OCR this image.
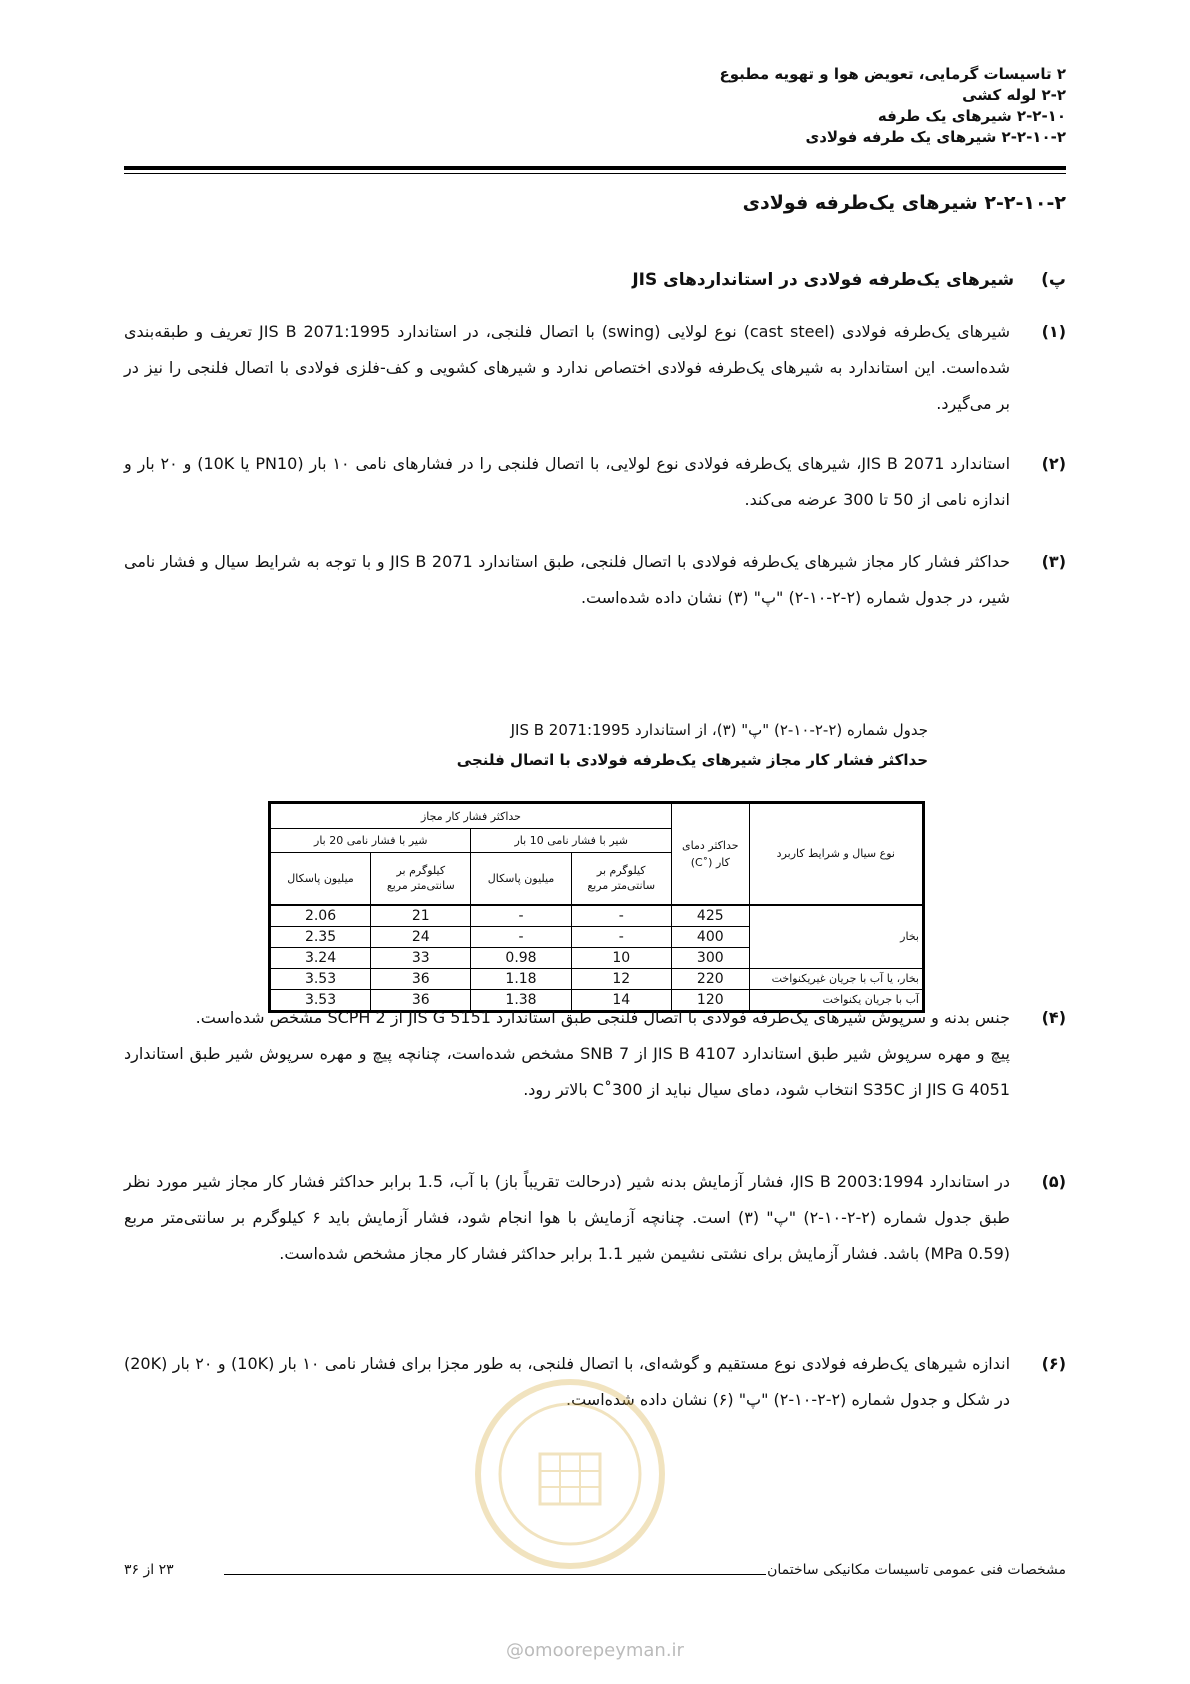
۲ تاسیسات گرمایی، تعویض هوا و تهویه مطبوع
۲-۲ لوله کشی
۲-۲-۱۰ شیرهای یک طرفه
۲-۲-۱۰-۲ شیرهای یک طرفه فولادی
۲-۲-۱۰-۲ شیرهای یک‌طرفه فولادی
پ) شیرهای یک‌طرفه فولادی در استانداردهای JIS
(۱)

شیرهای یک‌طرفه فولادی (cast steel) نوع لولایی (swing) با اتصال فلنجی، در استاندارد JIS B 2071:1995 تعریف و طبقه‌بندی شده‌است. این استاندارد به شیرهای یک‌طرفه فولادی اختصاص ندارد و شیرهای کشویی و کف-فلزی فولادی با اتصال فلنجی را نیز در بر می‌گیرد.

(۲)

استاندارد JIS B 2071، شیرهای یک‌طرفه فولادی نوع لولایی، با اتصال فلنجی را در فشارهای نامی ۱۰ بار (PN10 یا 10K) و ۲۰ بار و اندازه نامی از 50 تا 300 عرضه می‌کند.

(۳)

حداکثر فشار کار مجاز شیرهای یک‌طرفه فولادی با اتصال فلنجی، طبق استاندارد JIS B 2071 و با توجه به شرایط سیال و فشار نامی شیر، در جدول شماره (۲-۲-۱۰-۲) "پ" (۳) نشان داده شده‌است.

جدول شماره (۲-۲-۱۰-۲) "پ" (۳)، از استاندارد JIS B 2071:1995
حداکثر فشار کار مجاز شیرهای یک‌طرفه فولادی با اتصال فلنجی
نوع سیال و شرایط کاربرد	حداکثر دمای کار (˚C)	حداکثر فشار کار مجاز			
		شیر با فشار نامی 10 بار		شیر با فشار نامی 20 بار	
		کیلوگرم بر سانتی‌متر مربع	میلیون پاسکال	کیلوگرم بر سانتی‌متر مربع	میلیون پاسکال
بخار	425	-	-	21	2.06
	400	-	-	24	2.35
	300	10	0.98	33	3.24
بخار، یا آب با جریان غیریکنواخت	220	12	1.18	36	3.53
آب با جریان یکنواخت	120	14	1.38	36	3.53
(۴)

جنس بدنه و سرپوش شیرهای یک‌طرفه فولادی با اتصال فلنجی طبق استاندارد JIS G 5151 از SCPH 2 مشخص شده‌است.

پیچ و مهره سرپوش شیر طبق استاندارد JIS B 4107 از SNB 7 مشخص شده‌است، چنانچه پیچ و مهره سرپوش شیر طبق استاندارد JIS G 4051 از S35C انتخاب شود، دمای سیال نباید از 300˚C بالاتر رود.

(۵)

در استاندارد JIS B 2003:1994، فشار آزمایش بدنه شیر (درحالت تقریباً باز) با آب، 1.5 برابر حداکثر فشار کار مجاز شیر مورد نظر طبق جدول شماره (۲-۲-۱۰-۲) "پ" (۳) است. چنانچه آزمایش با هوا انجام شود، فشار آزمایش باید ۶ کیلوگرم بر سانتی‌متر مربع (0.59 MPa) باشد. فشار آزمایش برای نشتی نشیمن شیر 1.1 برابر حداکثر فشار کار مجاز مشخص شده‌است.

(۶)

اندازه شیرهای یک‌طرفه فولادی نوع مستقیم و گوشه‌ای، با اتصال فلنجی، به طور مجزا برای فشار نامی ۱۰ بار (10K) و ۲۰ بار (20K) در شکل و جدول شماره (۲-۲-۱۰-۲) "پ" (۶) نشان داده شده‌است.

مشخصات فنی عمومی تاسیسات مکانیکی ساختمان
۲۳ از ۳۶
@omoorepeyman.ir
